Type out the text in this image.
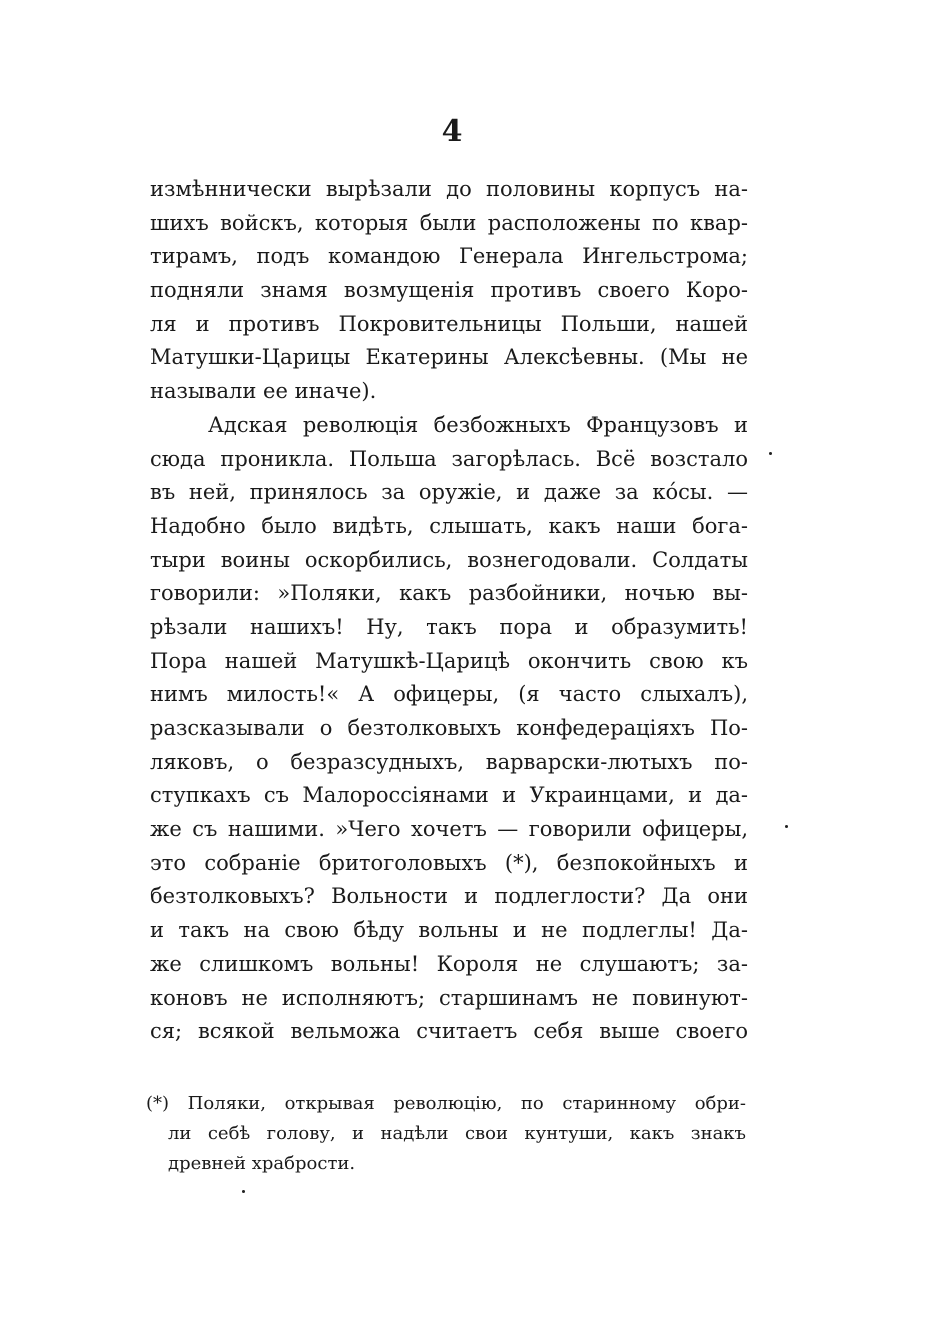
4
измѣннически вырѣзали до половины корпусъ на-
шихъ войскъ, которыя были расположены по квар-
тирамъ, подъ командою Генерала Ингельстрома;
подняли знамя возмущенія противъ своего Коро-
ля и противъ Покровительницы Польши, нашей
Матушки-Царицы Екатерины Алексѣевны. (Мы не
называли ее иначе).
Адская революція безбожныхъ Французовъ и
сюда проникла. Польша загорѣлась. Всё возстало
въ ней, принялось за оружіе, и даже за кóсы. —
Надобно было видѣть, слышать, какъ наши бога-
тыри воины оскорбились, вознегодовали. Солдаты
говорили: »Поляки, какъ разбойники, ночью вы-
рѣзали нашихъ! Ну, такъ пора и образумить!
Пора нашей Матушкѣ-Царицѣ окончить свою къ
нимъ милость!« А офицеры, (я часто слыхалъ),
разсказывали о безтолковыхъ конфедераціяхъ По-
ляковъ, о безразсудныхъ, варварски-лютыхъ по-
ступкахъ съ Малороссіянами и Украинцами, и да-
же съ нашими. »Чего хочетъ — говорили офицеры,
это собраніе бритоголовыхъ (*), безпокойныхъ и
безтолковыхъ? Вольности и подлеглости? Да они
и такъ на свою бѣду вольны и не подлеглы! Да-
же слишкомъ вольны! Короля не слушаютъ; за-
коновъ не исполняютъ; старшинамъ не повинуют-
ся; всякой вельможа считаетъ себя выше своего
(*) Поляки, открывая революцію, по старинному обри-
ли себѣ голову, и надѣли свои кунтуши, какъ знакъ
древней храбрости.
